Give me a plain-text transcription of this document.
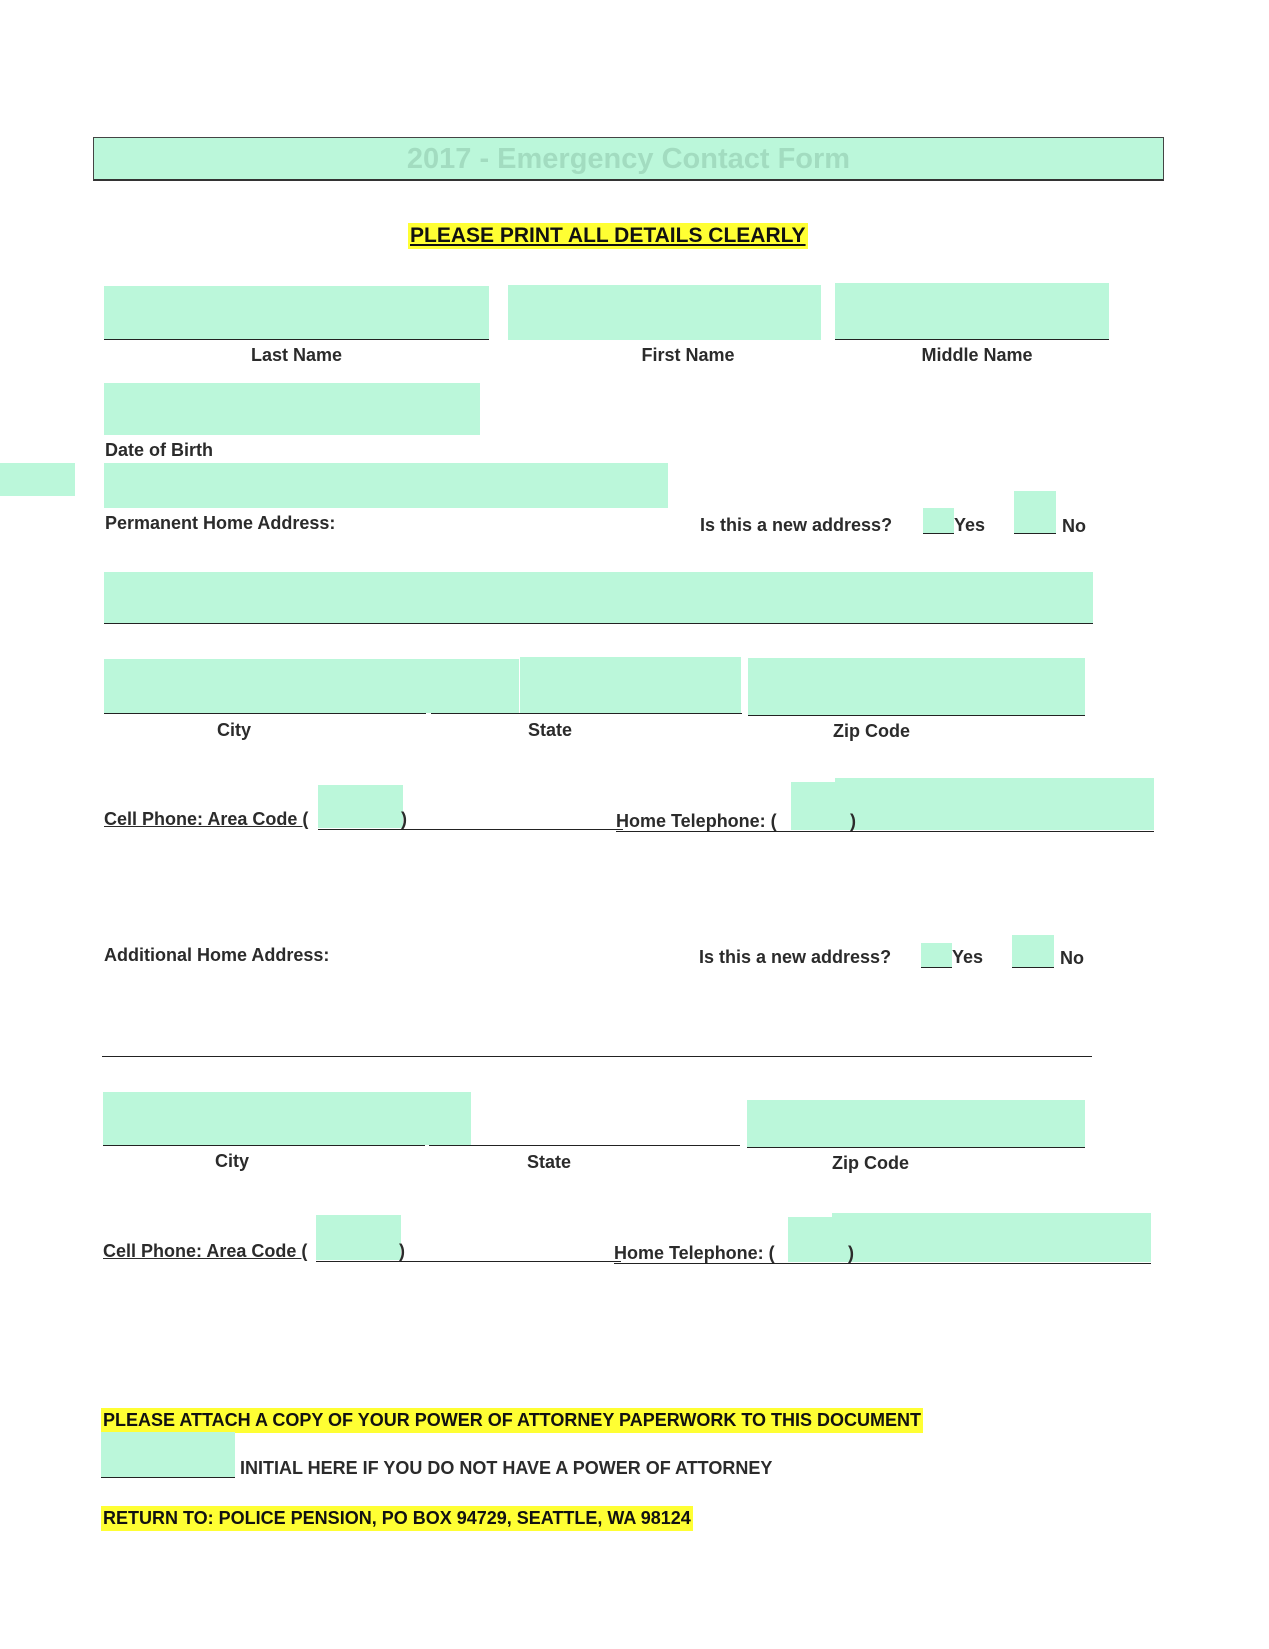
2017 - Emergency Contact Form
PLEASE PRINT ALL DETAILS CLEARLY
Last Name	First Name	Middle Name
Date of Birth
Permanent Home Address:	Is this a new address?	Yes	No
City	State	Zip Code
Cell Phone: Area Code (	)	Home Telephone: (	)
Additional Home Address:	Is this a new address?	Yes	No
City	State	Zip Code
Cell Phone: Area Code (	)	Home Telephone: (	)
PLEASE ATTACH A COPY OF YOUR POWER OF ATTORNEY PAPERWORK TO THIS DOCUMENT
INITIAL HERE IF YOU DO NOT HAVE A POWER OF ATTORNEY
RETURN TO: POLICE PENSION, PO BOX 94729, SEATTLE, WA 98124
